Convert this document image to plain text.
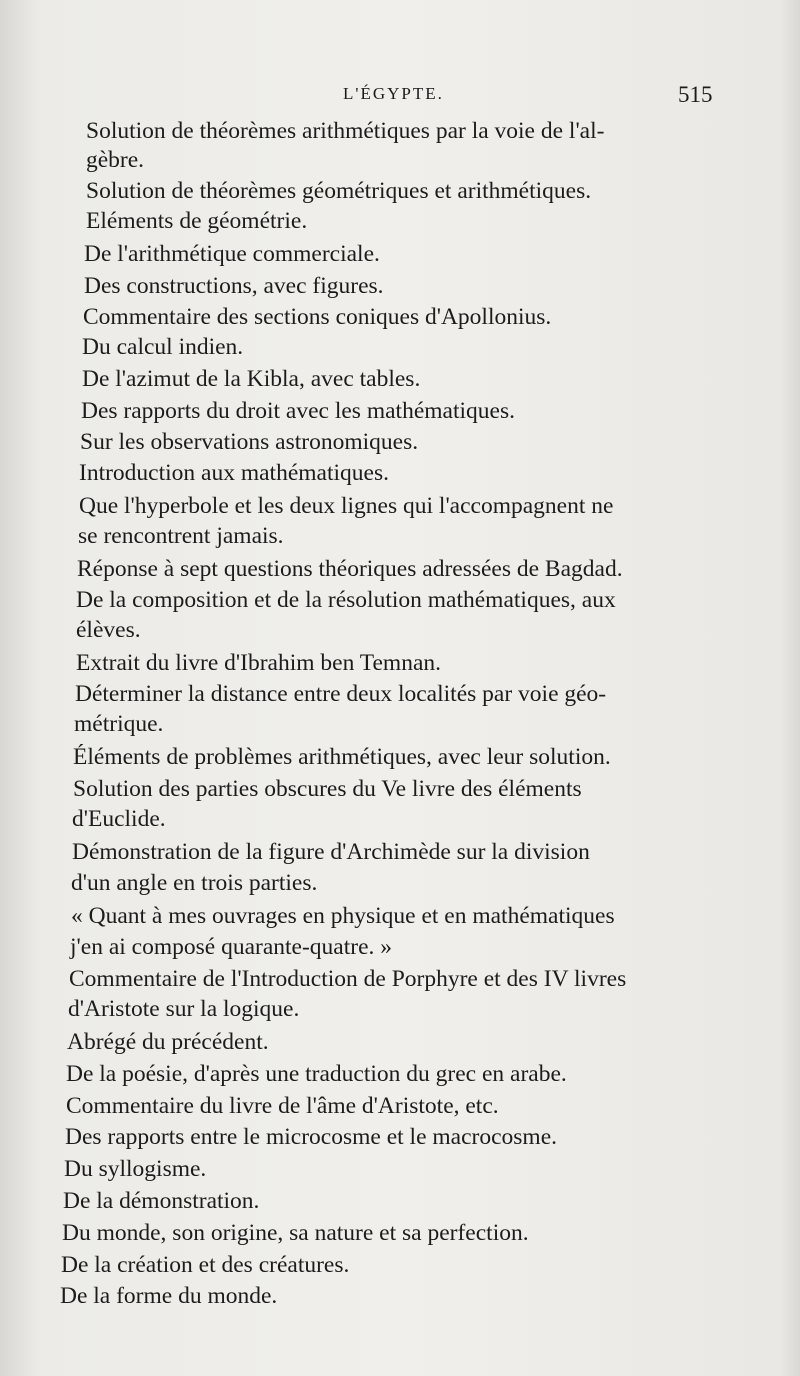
L'ÉGYPTE.	515
Solution de théorèmes arithmétiques par la voie de l'al-
gèbre.
Solution de théorèmes géométriques et arithmétiques.
Eléments de géométrie.
De l'arithmétique commerciale.
Des constructions, avec figures.
Commentaire des sections coniques d'Apollonius.
Du calcul indien.
De l'azimut de la Kibla, avec tables.
Des rapports du droit avec les mathématiques.
Sur les observations astronomiques.
Introduction aux mathématiques.
Que l'hyperbole et les deux lignes qui l'accompagnent ne
se rencontrent jamais.
Réponse à sept questions théoriques adressées de Bagdad.
De la composition et de la résolution mathématiques, aux
élèves.
Extrait du livre d'Ibrahim ben Temnan.
Déterminer la distance entre deux localités par voie géo-
métrique.
Éléments de problèmes arithmétiques, avec leur solution.
Solution des parties obscures du Ve livre des éléments
d'Euclide.
Démonstration de la figure d'Archimède sur la division
d'un angle en trois parties.
« Quant à mes ouvrages en physique et en mathématiques
j'en ai composé quarante-quatre. »
Commentaire de l'Introduction de Porphyre et des IV livres
d'Aristote sur la logique.
Abrégé du précédent.
De la poésie, d'après une traduction du grec en arabe.
Commentaire du livre de l'âme d'Aristote, etc.
Des rapports entre le microcosme et le macrocosme.
Du syllogisme.
De la démonstration.
Du monde, son origine, sa nature et sa perfection.
De la création et des créatures.
De la forme du monde.
